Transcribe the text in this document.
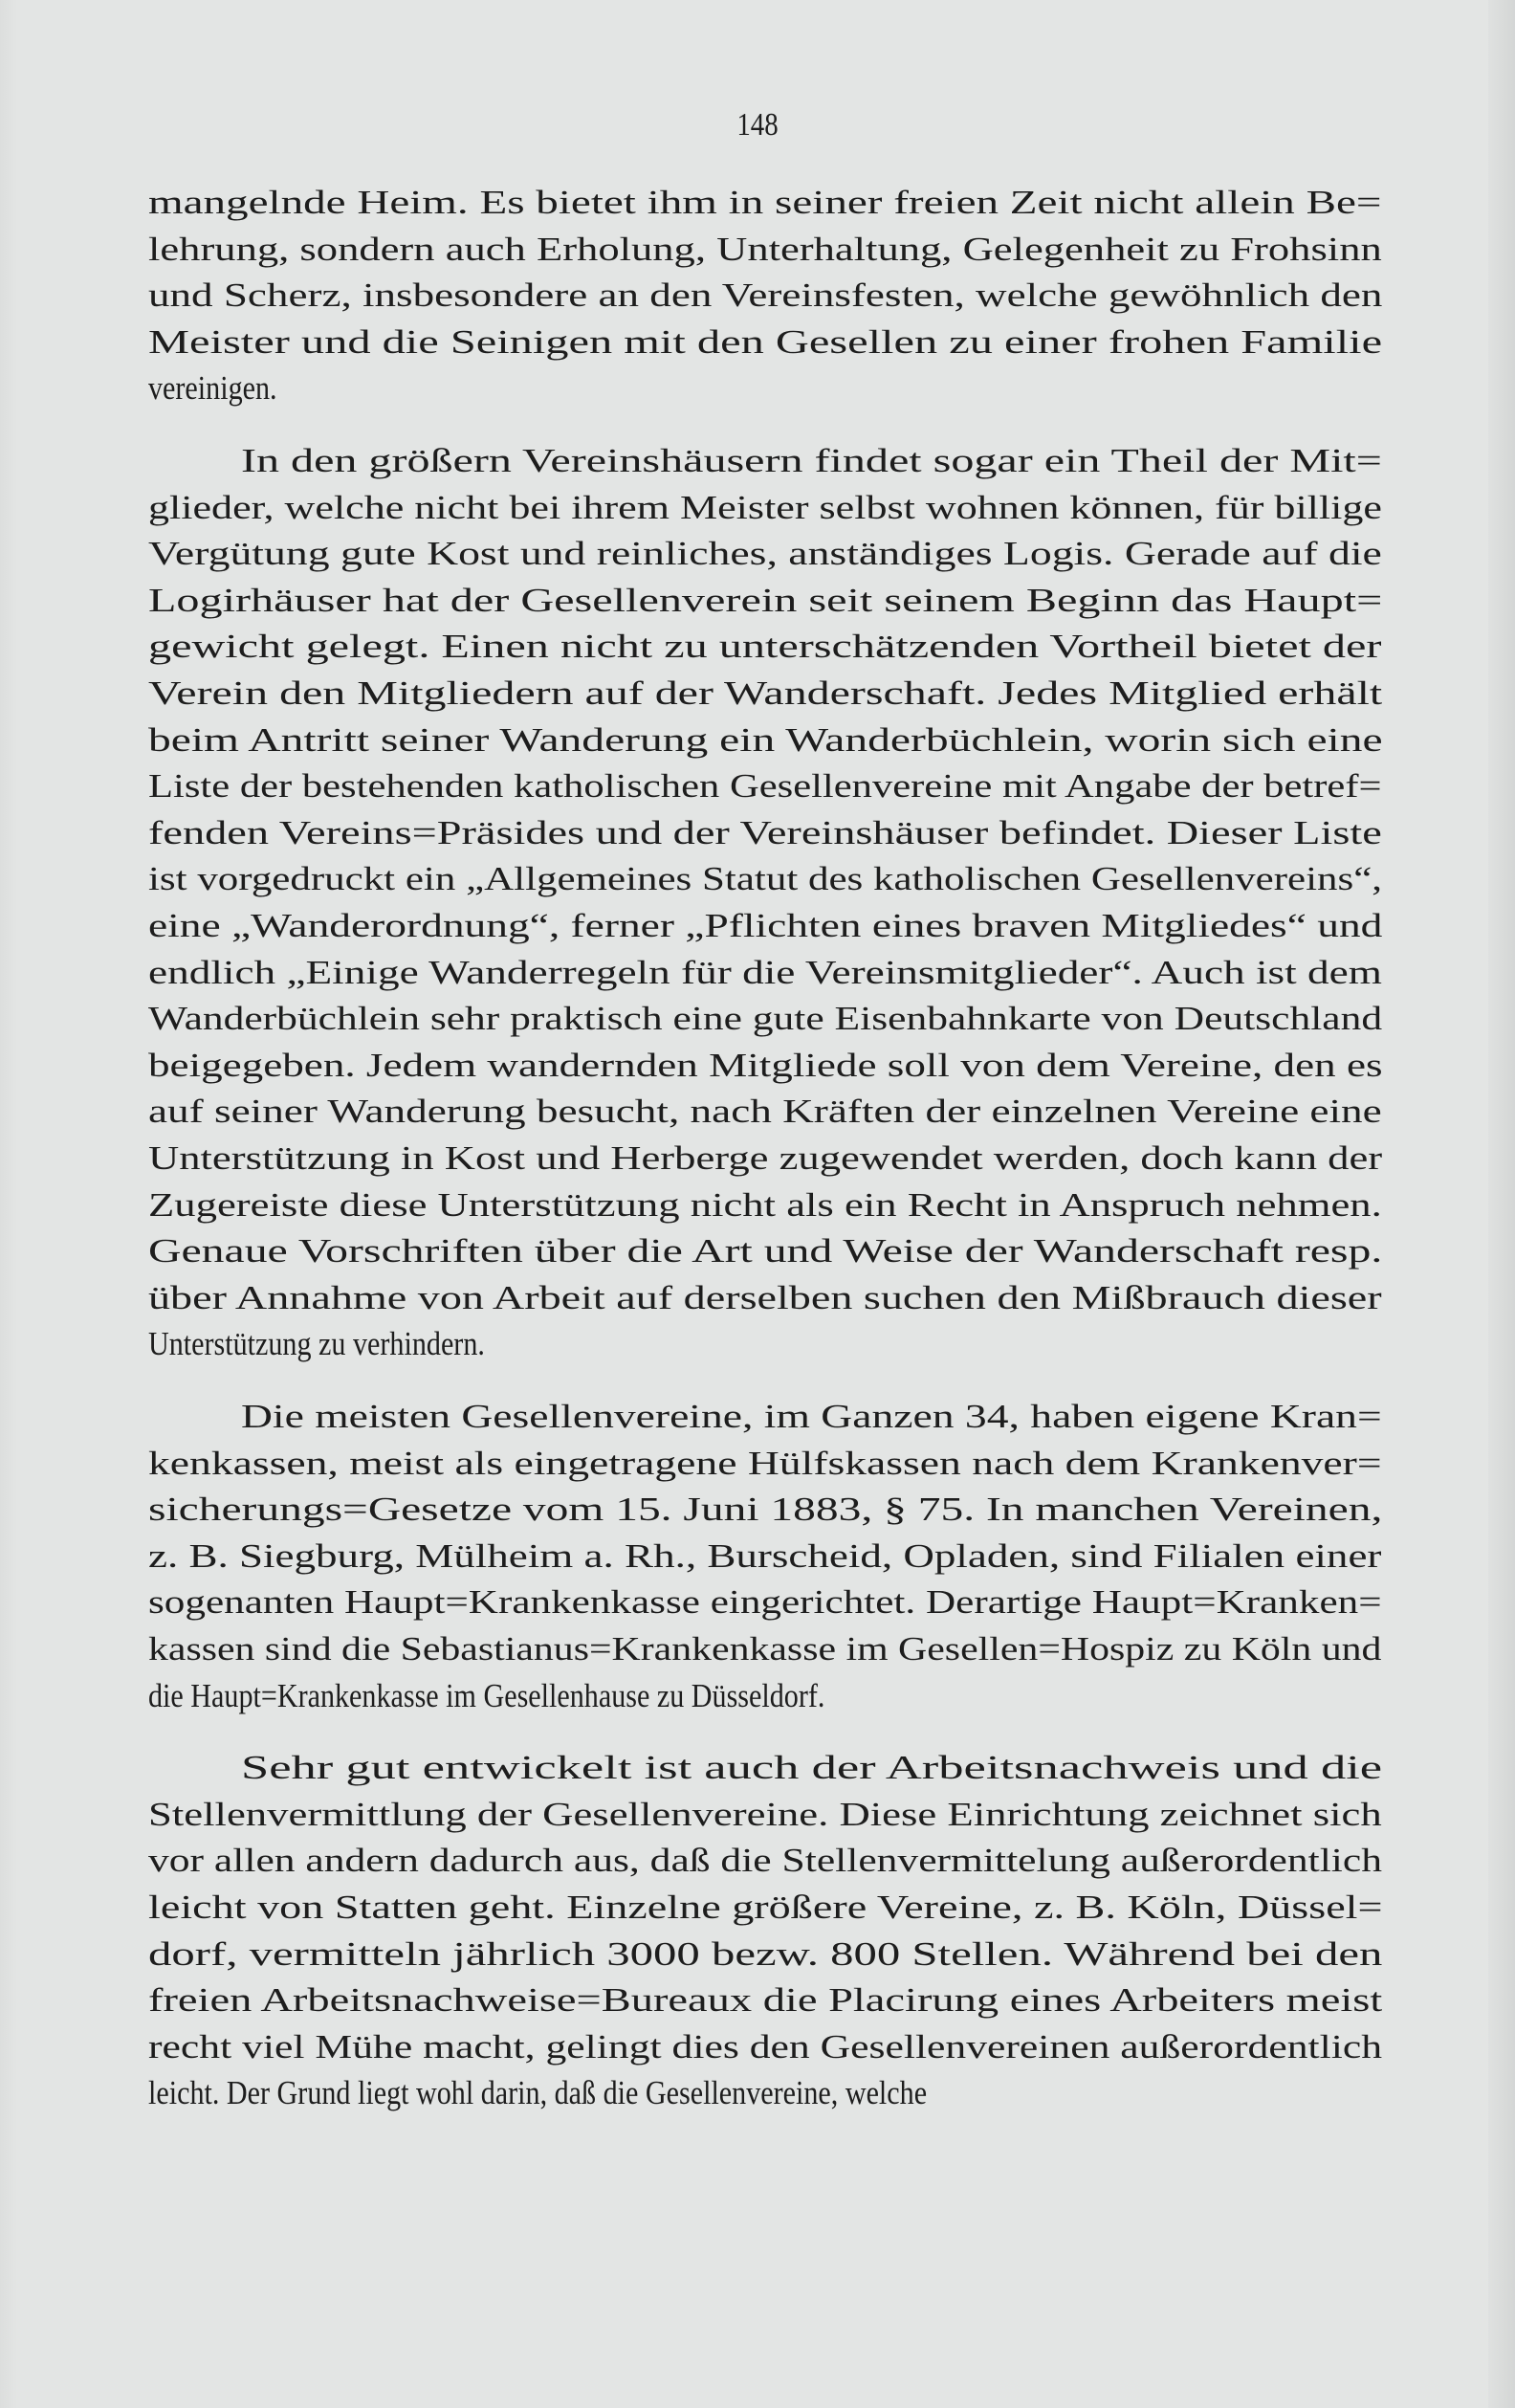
148
mangelnde Heim. Es bietet ihm in seiner freien Zeit nicht allein Be=
lehrung, sondern auch Erholung, Unterhaltung, Gelegenheit zu Frohsinn
und Scherz, insbesondere an den Vereinsfesten, welche gewöhnlich den
Meister und die Seinigen mit den Gesellen zu einer frohen Familie
vereinigen.
In den größern Vereinshäusern findet sogar ein Theil der Mit=
glieder, welche nicht bei ihrem Meister selbst wohnen können, für billige
Vergütung gute Kost und reinliches, anständiges Logis. Gerade auf die
Logirhäuser hat der Gesellenverein seit seinem Beginn das Haupt=
gewicht gelegt. Einen nicht zu unterschätzenden Vortheil bietet der
Verein den Mitgliedern auf der Wanderschaft. Jedes Mitglied erhält
beim Antritt seiner Wanderung ein Wanderbüchlein, worin sich eine
Liste der bestehenden katholischen Gesellenvereine mit Angabe der betref=
fenden Vereins=Präsides und der Vereinshäuser befindet. Dieser Liste
ist vorgedruckt ein „Allgemeines Statut des katholischen Gesellenvereins“,
eine „Wanderordnung“, ferner „Pflichten eines braven Mitgliedes“ und
endlich „Einige Wanderregeln für die Vereinsmitglieder“. Auch ist dem
Wanderbüchlein sehr praktisch eine gute Eisenbahnkarte von Deutschland
beigegeben. Jedem wandernden Mitgliede soll von dem Vereine, den es
auf seiner Wanderung besucht, nach Kräften der einzelnen Vereine eine
Unterstützung in Kost und Herberge zugewendet werden, doch kann der
Zugereiste diese Unterstützung nicht als ein Recht in Anspruch nehmen.
Genaue Vorschriften über die Art und Weise der Wanderschaft resp.
über Annahme von Arbeit auf derselben suchen den Mißbrauch dieser
Unterstützung zu verhindern.
Die meisten Gesellenvereine, im Ganzen 34, haben eigene Kran=
kenkassen, meist als eingetragene Hülfskassen nach dem Krankenver=
sicherungs=Gesetze vom 15. Juni 1883, § 75. In manchen Vereinen,
z. B. Siegburg, Mülheim a. Rh., Burscheid, Opladen, sind Filialen einer
sogenanten Haupt=Krankenkasse eingerichtet. Derartige Haupt=Kranken=
kassen sind die Sebastianus=Krankenkasse im Gesellen=Hospiz zu Köln und
die Haupt=Krankenkasse im Gesellenhause zu Düsseldorf.
Sehr gut entwickelt ist auch der Arbeitsnachweis und die
Stellenvermittlung der Gesellenvereine. Diese Einrichtung zeichnet sich
vor allen andern dadurch aus, daß die Stellenvermittelung außerordentlich
leicht von Statten geht. Einzelne größere Vereine, z. B. Köln, Düssel=
dorf, vermitteln jährlich 3000 bezw. 800 Stellen. Während bei den
freien Arbeitsnachweise=Bureaux die Placirung eines Arbeiters meist
recht viel Mühe macht, gelingt dies den Gesellenvereinen außerordentlich
leicht. Der Grund liegt wohl darin, daß die Gesellenvereine, welche
